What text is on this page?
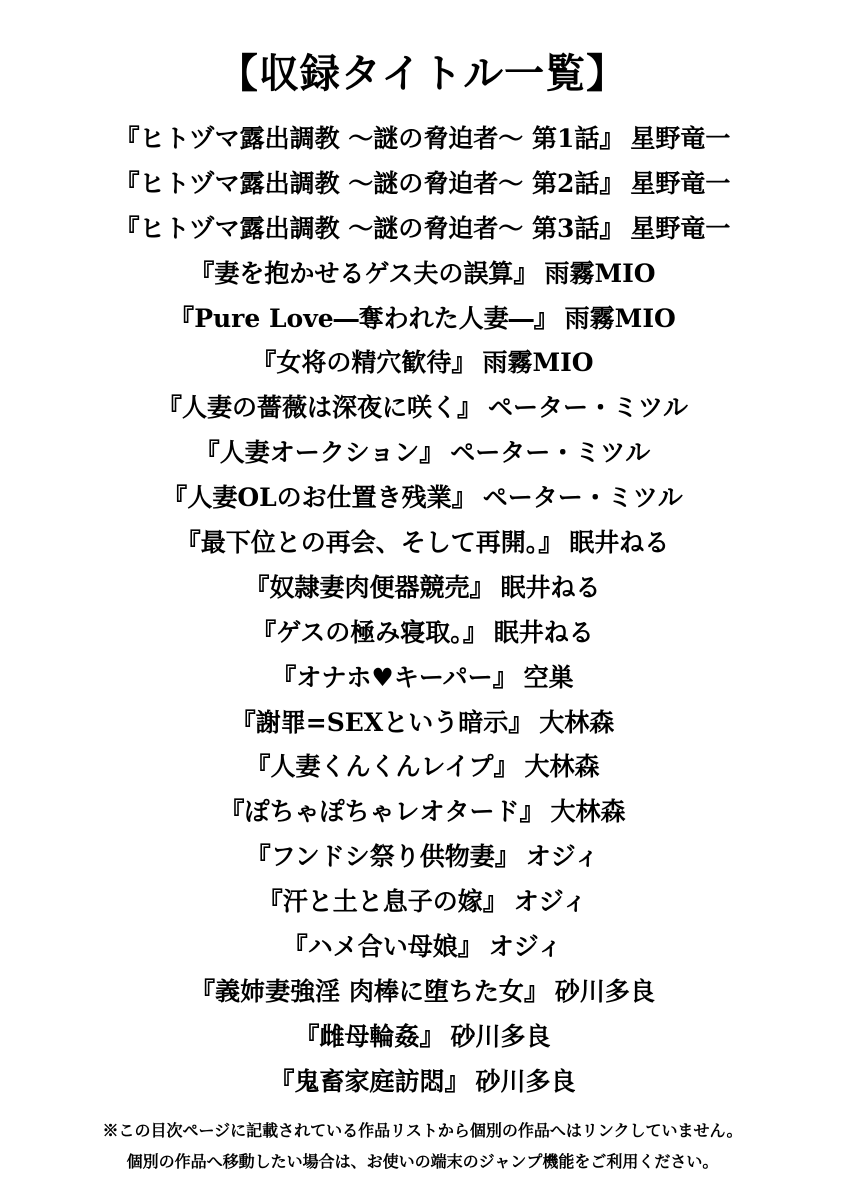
【収録タイトル一覧】
『 ヒトヅマ露出調教 ～謎の脅迫者～ 第1話 』 星野竜一
『 ヒトヅマ露出調教 ～謎の脅迫者～ 第2話 』 星野竜一
『 ヒトヅマ露出調教 ～謎の脅迫者～ 第3話 』 星野竜一
『 妻を抱かせるゲス夫の誤算 』 雨霧MIO
『 Pure Love―奪われた人妻― 』 雨霧MIO
『 女将の精穴歓待 』 雨霧MIO
『 人妻の薔薇は深夜に咲く 』 ペーター・ミツル
『 人妻オークション 』 ペーター・ミツル
『 人妻OLのお仕置き残業 』 ペーター・ミツル
『 最下位との再会、そして再開。 』 眠井ねる
『 奴隷妻肉便器競売 』 眠井ねる
『 ゲスの極み寝取。 』 眠井ねる
『 オナホ♥キーパー 』 空巣
『 謝罪=SEXという暗示 』 大林森
『 人妻くんくんレイプ 』 大林森
『 ぽちゃぽちゃレオタード 』 大林森
『 フンドシ祭り供物妻 』 オジィ
『 汗と土と息子の嫁 』 オジィ
『 ハメ合い母娘 』 オジィ
『 義姉妻強淫 肉棒に堕ちた女 』 砂川多良
『 雌母輪姦 』 砂川多良
『 鬼畜家庭訪悶 』 砂川多良
※この目次ページに記載されている作品リストから個別の作品へはリンクしていません。
個別の作品へ移動したい場合は、お使いの端末のジャンプ機能をご利用ください。
